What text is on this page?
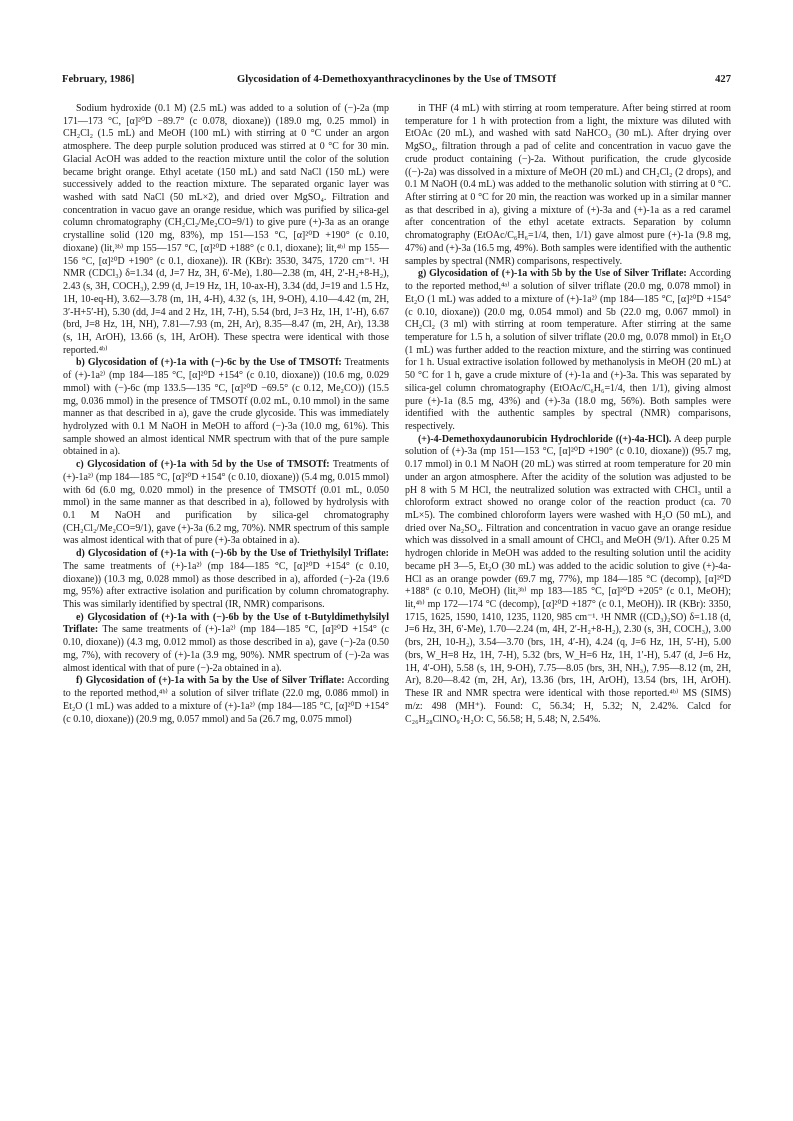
February, 1986]	Glycosidation of 4-Demethoxyanthracyclinones by the Use of TMSOTf	427

Sodium hydroxide (0.1 M) (2.5 mL) was added to a solution of (−)-2a (mp 171—173 °C, [α]²⁰D −89.7° (c 0.078, dioxane)) (189.0 mg, 0.25 mmol) in CH₂Cl₂ (1.5 mL) and MeOH (100 mL) with stirring at 0 °C under an argon atmosphere. The deep purple solution produced was stirred at 0 °C for 30 min. Glacial AcOH was added to the reaction mixture until the color of the solution became bright orange. Ethyl acetate (150 mL) and satd NaCl (150 mL) were successively added to the reaction mixture. The separated organic layer was washed with satd NaCl (50 mL×2), and dried over MgSO₄. Filtration and concentration in vacuo gave an orange residue, which was purified by silica-gel column chromatography (CH₂Cl₂/Me₂CO=9/1) to give pure (+)-3a as an orange crystalline solid (120 mg, 83%), mp 151—153 °C, [α]²⁰D +190° (c 0.10, dioxane) (lit,³ᵇ⁾ mp 155—157 °C, [α]²⁰D +188° (c 0.1, dioxane); lit,⁴ᵇ⁾ mp 155—156 °C, [α]²⁰D +190° (c 0.1, dioxane)). IR (KBr): 3530, 3475, 1720 cm⁻¹. ¹H NMR (CDCl₃) δ=1.34 (d, J=7 Hz, 3H, 6′-Me), 1.80—2.38 (m, 4H, 2′-H₂+8-H₂), 2.43 (s, 3H, COCH₃), 2.99 (d, J=19 Hz, 1H, 10-ax-H), 3.34 (dd, J=19 and 1.5 Hz, 1H, 10-eq-H), 3.62—3.78 (m, 1H, 4-H), 4.32 (s, 1H, 9-OH), 4.10—4.42 (m, 2H, 3′-H+5′-H), 5.30 (dd, J=4 and 2 Hz, 1H, 7-H), 5.54 (brd, J=3 Hz, 1H, 1′-H), 6.67 (brd, J=8 Hz, 1H, NH), 7.81—7.93 (m, 2H, Ar), 8.35—8.47 (m, 2H, Ar), 13.38 (s, 1H, ArOH), 13.66 (s, 1H, ArOH). These spectra were identical with those reported.⁴ᵇ⁾

b) Glycosidation of (+)-1a with (−)-6c by the Use of TMSOTf: Treatments of (+)-1a²⁾ (mp 184—185 °C, [α]²⁰D +154° (c 0.10, dioxane)) (10.6 mg, 0.029 mmol) with (−)-6c (mp 133.5—135 °C, [α]²⁰D −69.5° (c 0.12, Me₂CO)) (15.5 mg, 0.036 mmol) in the presence of TMSOTf (0.02 mL, 0.10 mmol) in the same manner as that described in a), gave the crude glycoside. This was immediately hydrolyzed with 0.1 M NaOH in MeOH to afford (−)-3a (10.0 mg, 61%). This sample showed an almost identical NMR spectrum with that of the pure sample obtained in a).

c) Glycosidation of (+)-1a with 5d by the Use of TMSOTf: Treatments of (+)-1a²⁾ (mp 184—185 °C, [α]²⁰D +154° (c 0.10, dioxane)) (5.4 mg, 0.015 mmol) with 6d (6.0 mg, 0.020 mmol) in the presence of TMSOTf (0.01 mL, 0.050 mmol) in the same manner as that described in a), followed by hydrolysis with 0.1 M NaOH and purification by silica-gel chromatography (CH₂Cl₂/Me₂CO=9/1), gave (+)-3a (6.2 mg, 70%). NMR spectrum of this sample was almost identical with that of pure (+)-3a obtained in a).

d) Glycosidation of (+)-1a with (−)-6b by the Use of Triethylsilyl Triflate: The same treatments of (+)-1a²⁾ (mp 184—185 °C, [α]²⁰D +154° (c 0.10, dioxane)) (10.3 mg, 0.028 mmol) as those described in a), afforded (−)-2a (19.6 mg, 95%) after extractive isolation and purification by column chromatography. This was similarly identified by spectral (IR, NMR) comparisons.

e) Glycosidation of (+)-1a with (−)-6b by the Use of t-Butyldimethylsilyl Triflate: The same treatments of (+)-1a²⁾ (mp 184—185 °C, [α]²⁰D +154° (c 0.10, dioxane)) (4.3 mg, 0.012 mmol) as those described in a), gave (−)-2a (0.50 mg, 7%), with recovery of (+)-1a (3.9 mg, 90%). NMR spectrum of (−)-2a was almost identical with that of pure (−)-2a obtained in a).

f) Glycosidation of (+)-1a with 5a by the Use of Silver Triflate: According to the reported method,⁴ᵇ⁾ a solution of silver triflate (22.0 mg, 0.086 mmol) in Et₂O (1 mL) was added to a mixture of (+)-1a²⁾ (mp 184—185 °C, [α]²⁰D +154° (c 0.10, dioxane)) (20.9 mg, 0.057 mmol) and 5a (26.7 mg, 0.075 mmol)

in THF (4 mL) with stirring at room temperature. After being stirred at room temperature for 1 h with protection from a light, the mixture was diluted with EtOAc (20 mL), and washed with satd NaHCO₃ (30 mL). After drying over MgSO₄, filtration through a pad of celite and concentration in vacuo gave the crude product containing (−)-2a. Without purification, the crude glycoside ((−)-2a) was dissolved in a mixture of MeOH (20 mL) and CH₂Cl₂ (2 drops), and 0.1 M NaOH (0.4 mL) was added to the methanolic solution with stirring at 0 °C. After stirring at 0 °C for 20 min, the reaction was worked up in a similar manner as that described in a), giving a mixture of (+)-3a and (+)-1a as a red caramel after concentration of the ethyl acetate extracts. Separation by column chromatography (EtOAc/C₆H₆=1/4, then, 1/1) gave almost pure (+)-1a (9.8 mg, 47%) and (+)-3a (16.5 mg, 49%). Both samples were identified with the authentic samples by spectral (NMR) comparisons, respectively.

g) Glycosidation of (+)-1a with 5b by the Use of Silver Triflate: According to the reported method,⁴ᵃ⁾ a solution of silver triflate (20.0 mg, 0.078 mmol) in Et₂O (1 mL) was added to a mixture of (+)-1a²⁾ (mp 184—185 °C, [α]²⁰D +154° (c 0.10, dioxane)) (20.0 mg, 0.054 mmol) and 5b (22.0 mg, 0.067 mmol) in CH₂Cl₂ (3 ml) with stirring at room temperature. After stirring at the same temperature for 1.5 h, a solution of silver triflate (20.0 mg, 0.078 mmol) in Et₂O (1 mL) was further added to the reaction mixture, and the stirring was continued for 1 h. Usual extractive isolation followed by methanolysis in MeOH (20 mL) at 50 °C for 1 h, gave a crude mixture of (+)-1a and (+)-3a. This was separated by silica-gel column chromatography (EtOAc/C₆H₆=1/4, then 1/1), giving almost pure (+)-1a (8.5 mg, 43%) and (+)-3a (18.0 mg, 56%). Both samples were identified with the authentic samples by spectral (NMR) comparisons, respectively.

(+)-4-Demethoxydaunorubicin Hydrochloride ((+)-4a-HCl). A deep purple solution of (+)-3a (mp 151—153 °C, [α]²⁰D +190° (c 0.10, dioxane)) (95.7 mg, 0.17 mmol) in 0.1 M NaOH (20 mL) was stirred at room temperature for 20 min under an argon atmosphere. After the acidity of the solution was adjusted to be pH 8 with 5 M HCl, the neutralized solution was extracted with CHCl₃ until a chloroform extract showed no orange color of the reaction product (ca. 70 mL×5). The combined chloroform layers were washed with H₂O (50 mL), and dried over Na₂SO₄. Filtration and concentration in vacuo gave an orange residue which was dissolved in a small amount of CHCl₃ and MeOH (9/1). After 0.25 M hydrogen chloride in MeOH was added to the resulting solution until the acidity became pH 3—5, Et₂O (30 mL) was added to the acidic solution to give (+)-4a-HCl as an orange powder (69.7 mg, 77%), mp 184—185 °C (decomp), [α]²⁰D +188° (c 0.10, MeOH) (lit,³ᵇ⁾ mp 183—185 °C, [α]²⁰D +205° (c 0.1, MeOH); lit,⁴ᵇ⁾ mp 172—174 °C (decomp), [α]²⁰D +187° (c 0.1, MeOH)). IR (KBr): 3350, 1715, 1625, 1590, 1410, 1235, 1120, 985 cm⁻¹. ¹H NMR ((CD₃)₂SO) δ=1.18 (d, J=6 Hz, 3H, 6′-Me), 1.70—2.24 (m, 4H, 2′-H₂+8-H₂), 2.30 (s, 3H, COCH₃), 3.00 (brs, 2H, 10-H₂), 3.54—3.70 (brs, 1H, 4′-H), 4.24 (q, J=6 Hz, 1H, 5′-H), 5.00 (brs, W_H=8 Hz, 1H, 7-H), 5.32 (brs, W_H=6 Hz, 1H, 1′-H), 5.47 (d, J=6 Hz, 1H, 4′-OH), 5.58 (s, 1H, 9-OH), 7.75—8.05 (brs, 3H, NH₃), 7.95—8.12 (m, 2H, Ar), 8.20—8.42 (m, 2H, Ar), 13.36 (brs, 1H, ArOH), 13.54 (brs, 1H, ArOH). These IR and NMR spectra were identical with those reported.⁴ᵇ⁾ MS (SIMS) m/z: 498 (MH⁺). Found: C, 56.34; H, 5.32; N, 2.42%. Calcd for C₂₆H₂₈ClNO₉·H₂O: C, 56.58; H, 5.48; N, 2.54%.
